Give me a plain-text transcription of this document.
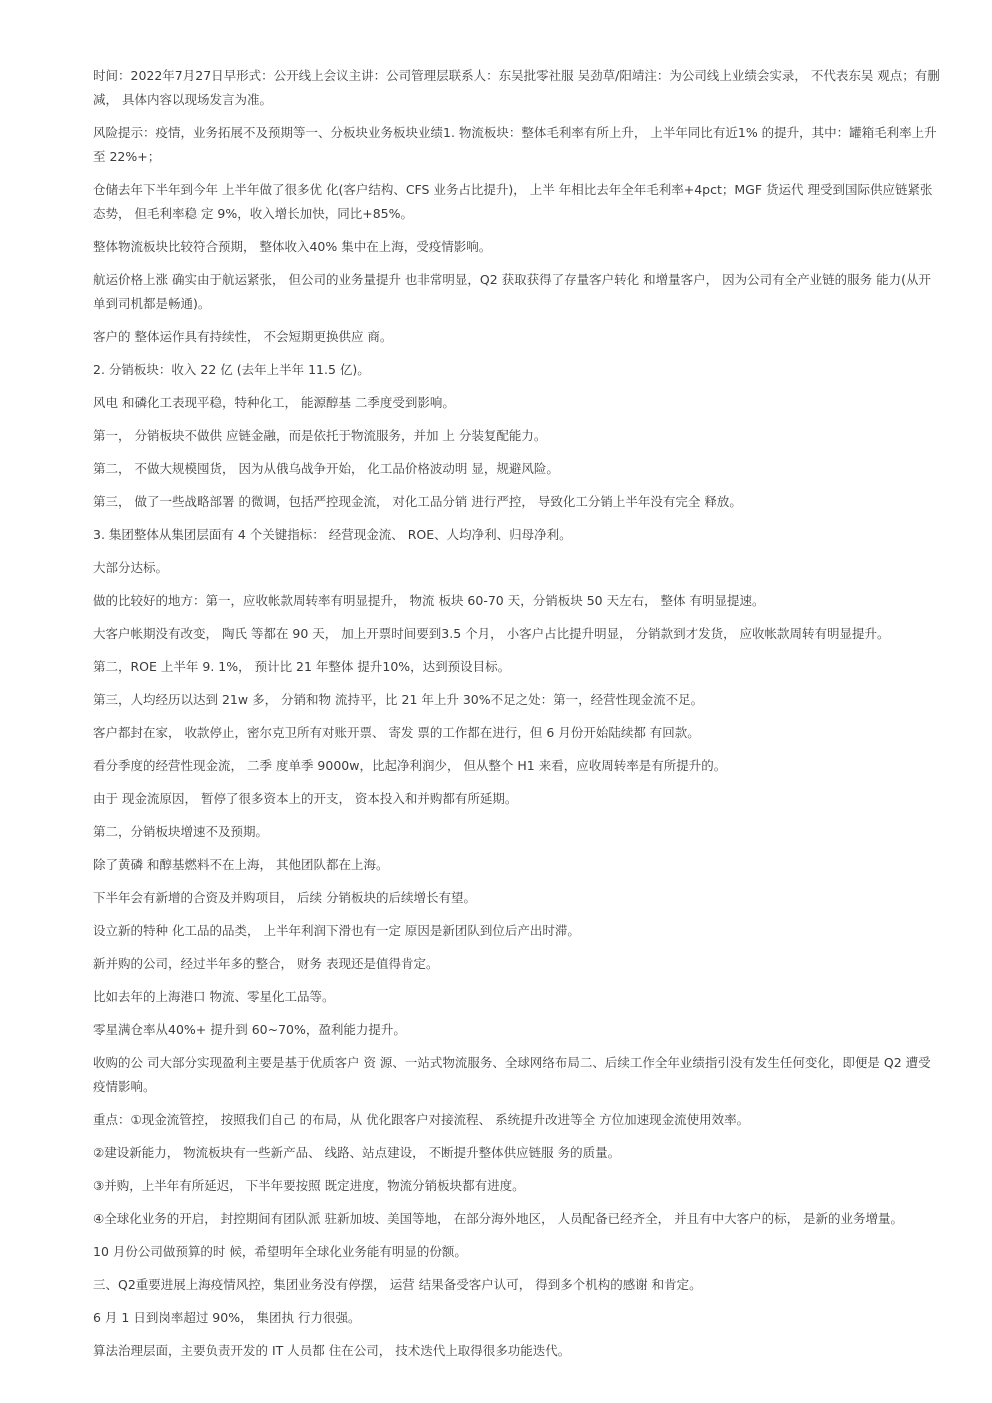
时间：2022年7月27日早形式：公开线上会议主讲：公司管理层联系人：东吴批零社服 吴劲草/阳靖注：为公司线上业绩会实录， 不代表东吴 观点；有删减， 具体内容以现场发言为准。

风险提示：疫情，业务拓展不及预期等一、分板块业务板块业绩1. 物流板块：整体毛利率有所上升， 上半年同比有近1% 的提升，其中：罐箱毛利率上升至 22%+；

仓储去年下半年到今年 上半年做了很多优 化(客户结构、CFS 业务占比提升)， 上半 年相比去年全年毛利率+4pct；MGF 货运代 理受到国际供应链紧张态势， 但毛利率稳 定 9%，收入增长加快，同比+85%。

整体物流板块比较符合预期， 整体收入40% 集中在上海，受疫情影响。

航运价格上涨 确实由于航运紧张， 但公司的业务量提升 也非常明显，Q2 获取获得了存量客户转化 和增量客户， 因为公司有全产业链的服务 能力(从开单到司机都是畅通)。

客户的 整体运作具有持续性， 不会短期更换供应 商。

2. 分销板块：收入 22 亿 (去年上半年 11.5 亿)。

风电 和磷化工表现平稳，特种化工， 能源醇基 二季度受到影响。

第一， 分销板块不做供 应链金融，而是依托于物流服务，并加 上 分装复配能力。

第二， 不做大规模囤货， 因为从俄乌战争开始， 化工品价格波动明 显，规避风险。

第三， 做了一些战略部署 的微调，包括严控现金流， 对化工品分销 进行严控， 导致化工分销上半年没有完全 释放。

3. 集团整体从集团层面有 4 个关键指标： 经营现金流、 ROE、人均净利、归母净利。

大部分达标。

做的比较好的地方：第一，应收帐款周转率有明显提升， 物流 板块 60-70 天，分销板块 50 天左右， 整体 有明显提速。

大客户帐期没有改变， 陶氏 等都在 90 天， 加上开票时间要到3.5 个月， 小客户占比提升明显， 分销款到才发货， 应收帐款周转有明显提升。

第二，ROE 上半年 9. 1%， 预计比 21 年整体 提升10%，达到预设目标。

第三，人均经历以达到 21w 多， 分销和物 流持平，比 21 年上升 30%不足之处：第一，经营性现金流不足。

客户都封在家， 收款停止，密尔克卫所有对账开票、 寄发 票的工作都在进行，但 6 月份开始陆续都 有回款。

看分季度的经营性现金流， 二季 度单季 9000w，比起净利润少， 但从整个 H1 来看，应收周转率是有所提升的。

由于 现金流原因， 暂停了很多资本上的开支， 资本投入和并购都有所延期。

第二，分销板块增速不及预期。

除了黄磷 和醇基燃料不在上海， 其他团队都在上海。

下半年会有新增的合资及并购项目， 后续 分销板块的后续增长有望。

设立新的特种 化工品的品类， 上半年利润下滑也有一定 原因是新团队到位后产出时滞。

新并购的公司，经过半年多的整合， 财务 表现还是值得肯定。

比如去年的上海港口 物流、零星化工品等。

零星满仓率从40%+ 提升到 60~70%，盈利能力提升。

收购的公 司大部分实现盈利主要是基于优质客户 资 源、一站式物流服务、全球网络布局二、后续工作全年业绩指引没有发生任何变化，即便是 Q2 遭受疫情影响。

重点：①现金流管控， 按照我们自己 的布局，从 优化跟客户对接流程、 系统提升改进等全 方位加速现金流使用效率。

②建设新能力， 物流板块有一些新产品、 线路、站点建设， 不断提升整体供应链服 务的质量。

③并购，上半年有所延迟， 下半年要按照 既定进度，物流分销板块都有进度。

④全球化业务的开启， 封控期间有团队派 驻新加坡、美国等地， 在部分海外地区， 人员配备已经齐全， 并且有中大客户的标， 是新的业务增量。

10 月份公司做预算的时 候，希望明年全球化业务能有明显的份额。

三、Q2重要进展上海疫情风控，集团业务没有停摆， 运营 结果备受客户认可， 得到多个机构的感谢 和肯定。

6 月 1 日到岗率超过 90%， 集团执 行力很强。

算法治理层面，主要负责开发的 IT 人员都 住在公司， 技术迭代上取得很多功能迭代。
